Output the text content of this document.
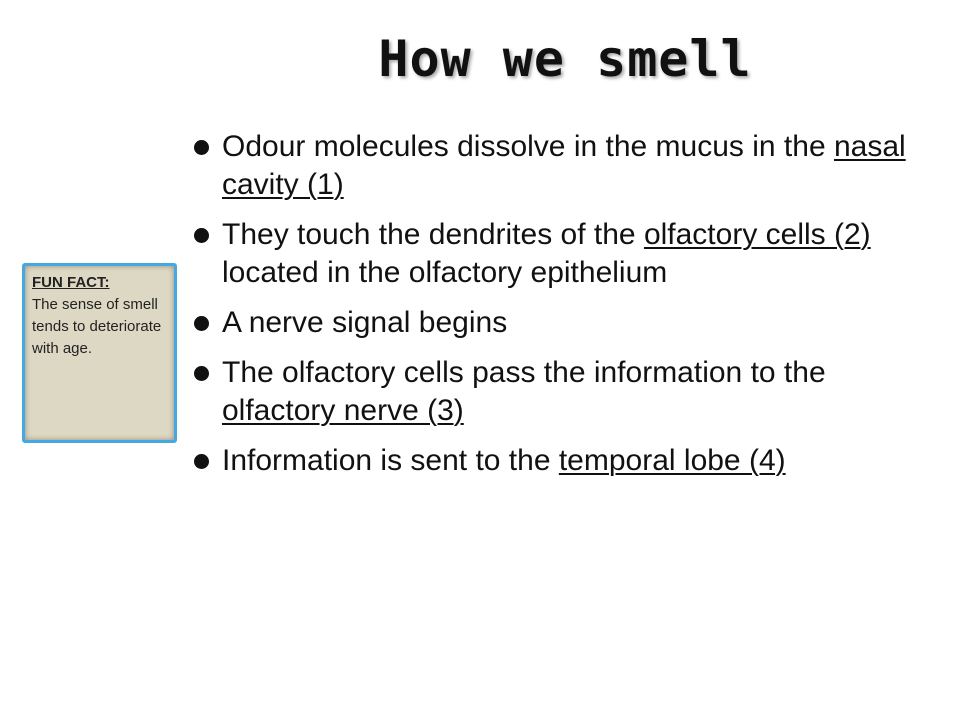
How we smell
FUN FACT:
The sense of smell tends to deteriorate with age.
Odour molecules dissolve in the mucus in the nasal cavity (1)
They touch the dendrites of the olfactory cells (2) located in the olfactory epithelium
A nerve signal begins
The olfactory cells pass the information to the olfactory nerve (3)
Information is sent to the temporal lobe (4)
